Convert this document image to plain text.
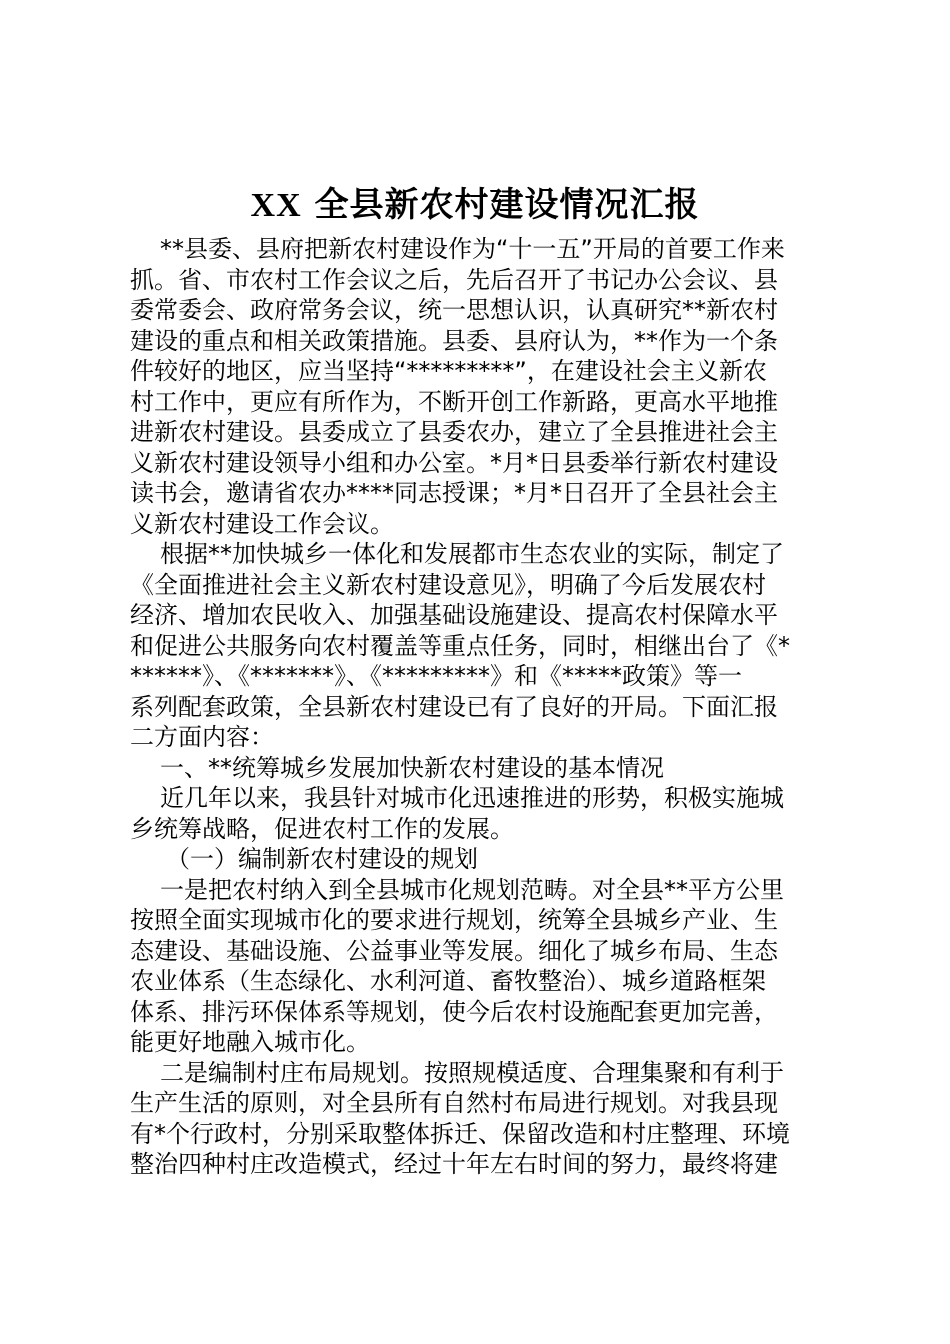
XX 全县新农村建设情况汇报
**县委、县府把新农村建设作为“十一五”开局的首要工作来
抓。省、市农村工作会议之后，先后召开了书记办公会议、县
委常委会、政府常务会议，统一思想认识，认真研究**新农村
建设的重点和相关政策措施。县委、县府认为，**作为一个条
件较好的地区，应当坚持“*********”，在建设社会主义新农
村工作中，更应有所作为，不断开创工作新路，更高水平地推
进新农村建设。县委成立了县委农办，建立了全县推进社会主
义新农村建设领导小组和办公室。*月*日县委举行新农村建设
读书会，邀请省农办****同志授课；*月*日召开了全县社会主
义新农村建设工作会议。
根据**加快城乡一体化和发展都市生态农业的实际，制定了
《全面推进社会主义新农村建设意见》，明确了今后发展农村
经济、增加农民收入、加强基础设施建设、提高农村保障水平
和促进公共服务向农村覆盖等重点任务，同时，相继出台了《*
******》、《*******》、《*********》和《*****政策》等一
系列配套政策，全县新农村建设已有了良好的开局。下面汇报
二方面内容：
一、**统筹城乡发展加快新农村建设的基本情况
近几年以来，我县针对城市化迅速推进的形势，积极实施城
乡统筹战略，促进农村工作的发展。
（一）编制新农村建设的规划
一是把农村纳入到全县城市化规划范畴。对全县**平方公里
按照全面实现城市化的要求进行规划，统筹全县城乡产业、生
态建设、基础设施、公益事业等发展。细化了城乡布局、生态
农业体系（生态绿化、水利河道、畜牧整治）、城乡道路框架
体系、排污环保体系等规划，使今后农村设施配套更加完善，
能更好地融入城市化。
二是编制村庄布局规划。按照规模适度、合理集聚和有利于
生产生活的原则，对全县所有自然村布局进行规划。对我县现
有*个行政村，分别采取整体拆迁、保留改造和村庄整理、环境
整治四种村庄改造模式，经过十年左右时间的努力，最终将建
